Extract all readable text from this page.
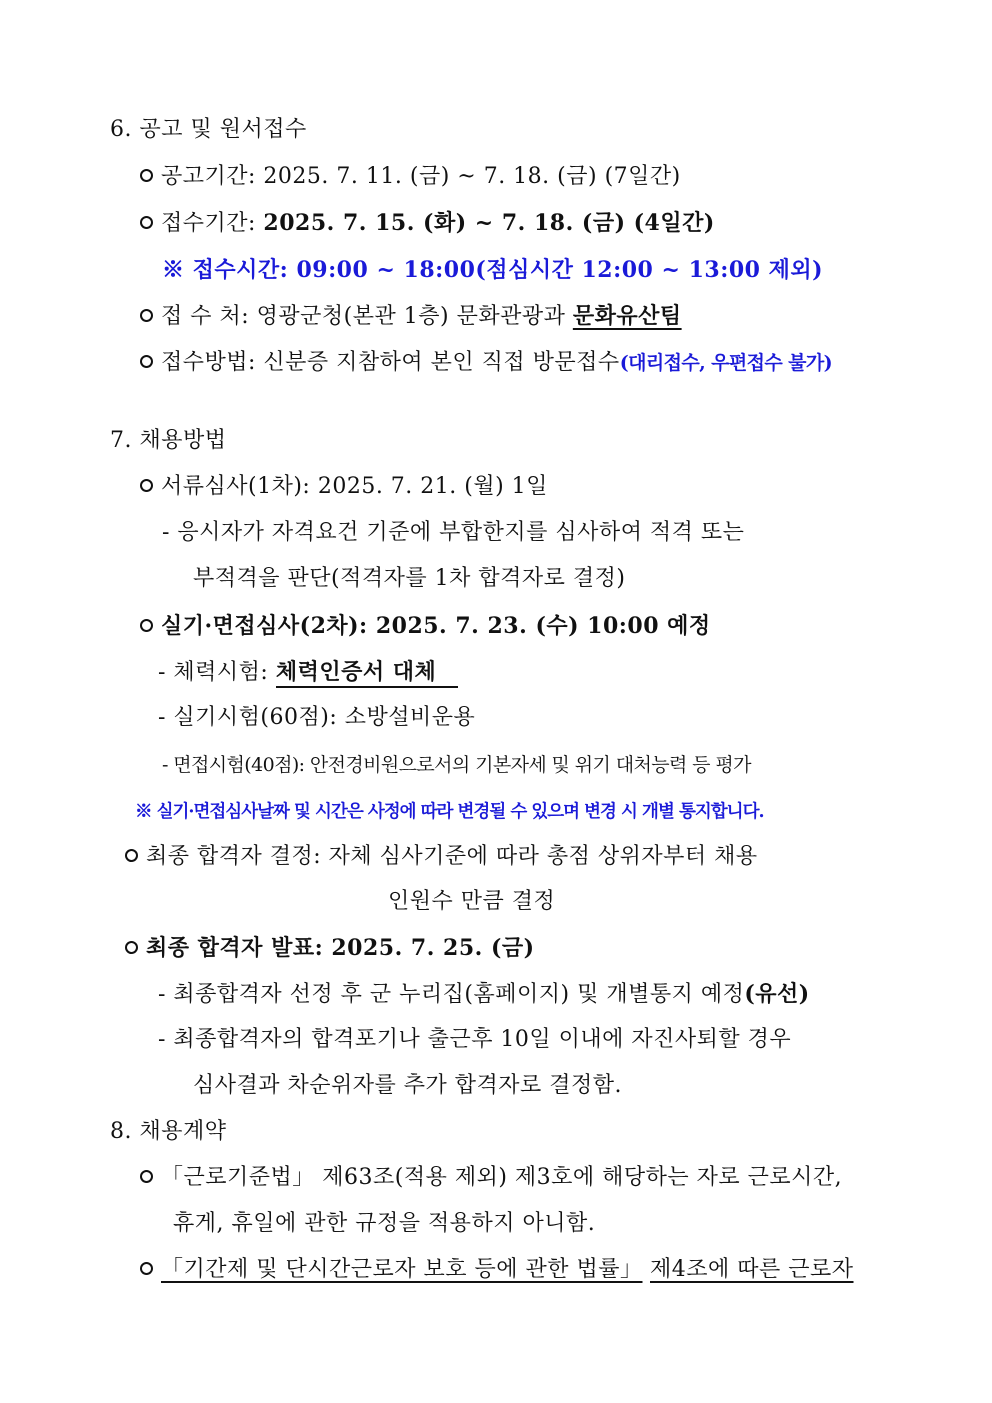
6. 공고 및 원서접수
공고기간: 2025. 7. 11. (금) ~ 7. 18. (금) (7일간)
접수기간: 2025. 7. 15. (화) ~ 7. 18. (금) (4일간)
※ 접수시간: 09:00 ~ 18:00(점심시간 12:00 ~ 13:00 제외)
접 수 처: 영광군청(본관 1층) 문화관광과 문화유산팀
접수방법: 신분증 지참하여 본인 직접 방문접수(대리접수, 우편접수 불가)
7. 채용방법
서류심사(1차): 2025. 7. 21. (월) 1일
- 응시자가 자격요건 기준에 부합한지를 심사하여 적격 또는
부적격을 판단(적격자를 1차 합격자로 결정)
실기·면접심사(2차): 2025. 7. 23. (수) 10:00 예정
- 체력시험: 체력인증서 대체
- 실기시험(60점): 소방설비운용
- 면접시험(40점): 안전경비원으로서의 기본자세 및 위기 대처능력 등 평가
※ 실기·면접심사날짜 및 시간은 사정에 따라 변경될 수 있으며 변경 시 개별 통지합니다.
최종 합격자 결정: 자체 심사기준에 따라 총점 상위자부터 채용
인원수 만큼 결정
최종 합격자 발표: 2025. 7. 25. (금)
- 최종합격자 선정 후 군 누리집(홈페이지) 및 개별통지 예정(유선)
- 최종합격자의 합격포기나 출근후 10일 이내에 자진사퇴할 경우
심사결과 차순위자를 추가 합격자로 결정함.
8. 채용계약
「근로기준법」 제63조(적용 제외) 제3호에 해당하는 자로 근로시간,
휴게, 휴일에 관한 규정을 적용하지 아니함.
「기간제 및 단시간근로자 보호 등에 관한 법률」 제4조에 따른 근로자
